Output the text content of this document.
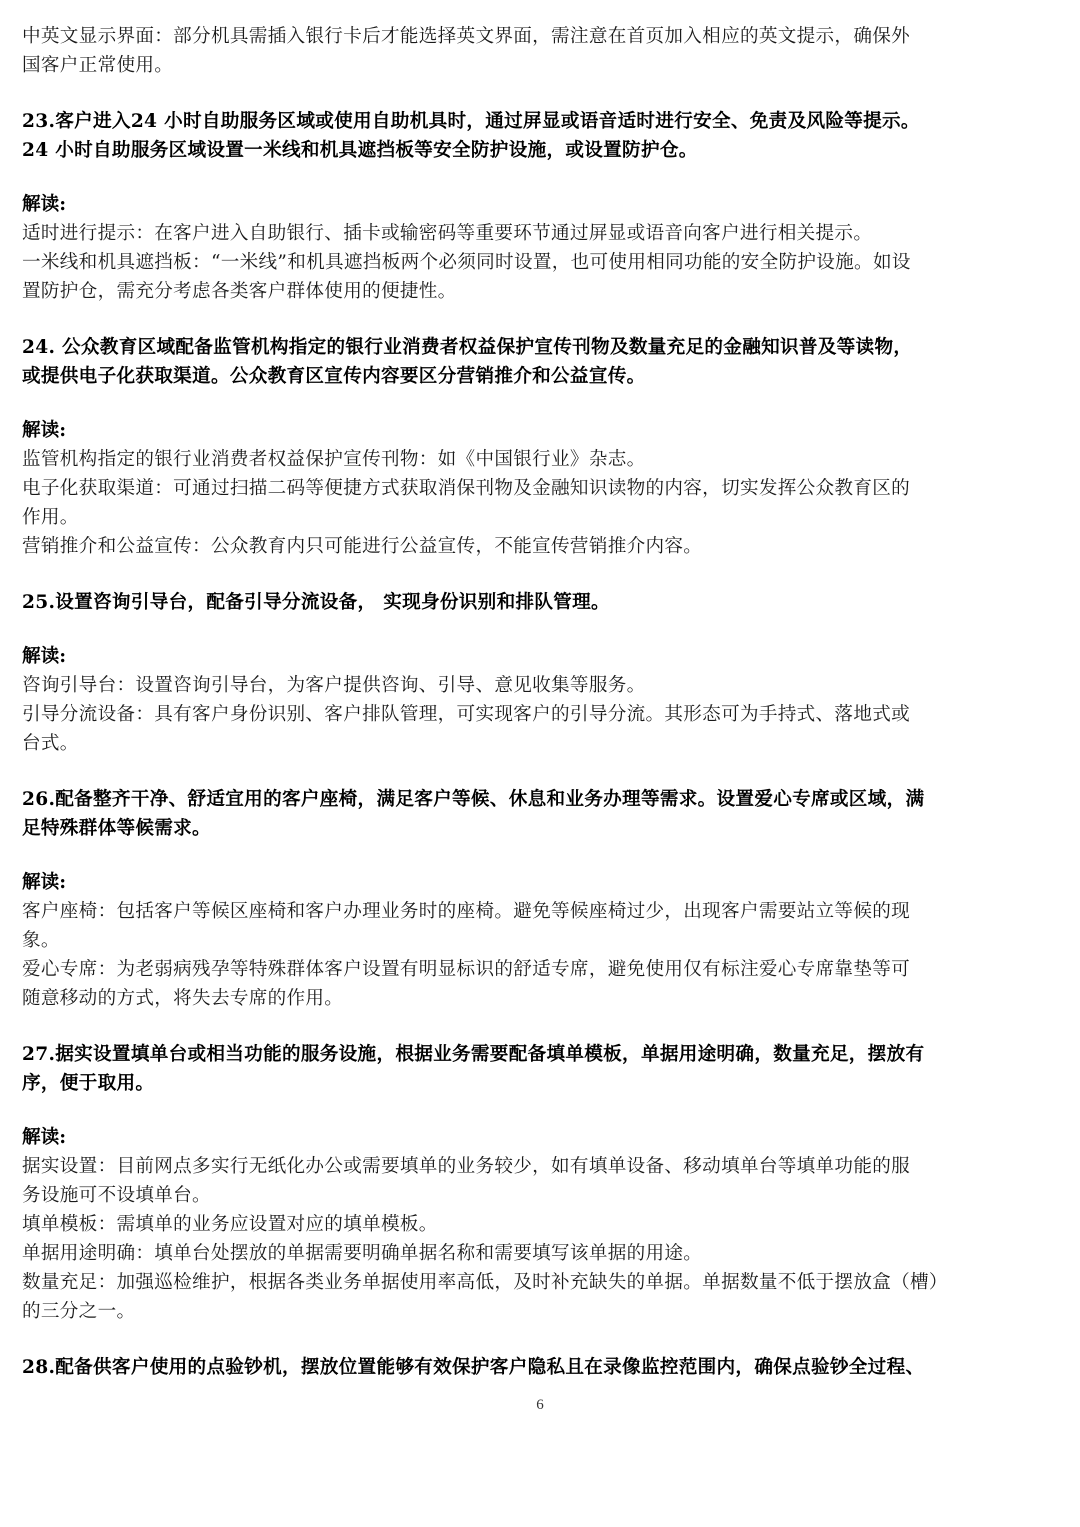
中英文显示界面：部分机具需插入银行卡后才能选择英文界面，需注意在首页加入相应的英文提示，确保外
国客户正常使用。
23.客户进入24 小时自助服务区域或使用自助机具时，通过屏显或语音适时进行安全、免责及风险等提示。
24 小时自助服务区域设置一米线和机具遮挡板等安全防护设施，或设置防护仓。
解读:
适时进行提示：在客户进入自助银行、插卡或输密码等重要环节通过屏显或语音向客户进行相关提示。
一米线和机具遮挡板：“一米线”和机具遮挡板两个必须同时设置，也可使用相同功能的安全防护设施。如设
置防护仓，需充分考虑各类客户群体使用的便捷性。
24. 公众教育区域配备监管机构指定的银行业消费者权益保护宣传刊物及数量充足的金融知识普及等读物，
或提供电子化获取渠道。公众教育区宣传内容要区分营销推介和公益宣传。
解读:
监管机构指定的银行业消费者权益保护宣传刊物：如《中国银行业》杂志。
电子化获取渠道：可通过扫描二码等便捷方式获取消保刊物及金融知识读物的内容，切实发挥公众教育区的
作用。
营销推介和公益宣传：公众教育内只可能进行公益宣传，不能宣传营销推介内容。
25.设置咨询引导台，配备引导分流设备， 实现身份识别和排队管理。
解读:
咨询引导台：设置咨询引导台，为客户提供咨询、引导、意见收集等服务。
引导分流设备：具有客户身份识别、客户排队管理，可实现客户的引导分流。其形态可为手持式、落地式或
台式。
26.配备整齐干净、舒适宜用的客户座椅，满足客户等候、休息和业务办理等需求。设置爱心专席或区域，满
足特殊群体等候需求。
解读:
客户座椅：包括客户等候区座椅和客户办理业务时的座椅。避免等候座椅过少，出现客户需要站立等候的现
象。
爱心专席：为老弱病残孕等特殊群体客户设置有明显标识的舒适专席，避免使用仅有标注爱心专席靠垫等可
随意移动的方式，将失去专席的作用。
27.据实设置填单台或相当功能的服务设施，根据业务需要配备填单模板，单据用途明确，数量充足，摆放有
序，便于取用。
解读:
据实设置：目前网点多实行无纸化办公或需要填单的业务较少，如有填单设备、移动填单台等填单功能的服
务设施可不设填单台。
填单模板：需填单的业务应设置对应的填单模板。
单据用途明确：填单台处摆放的单据需要明确单据名称和需要填写该单据的用途。
数量充足：加强巡检维护，根据各类业务单据使用率高低，及时补充缺失的单据。单据数量不低于摆放盒（槽）
的三分之一。
28.配备供客户使用的点验钞机，摆放位置能够有效保护客户隐私且在录像监控范围内，确保点验钞全过程、
6
